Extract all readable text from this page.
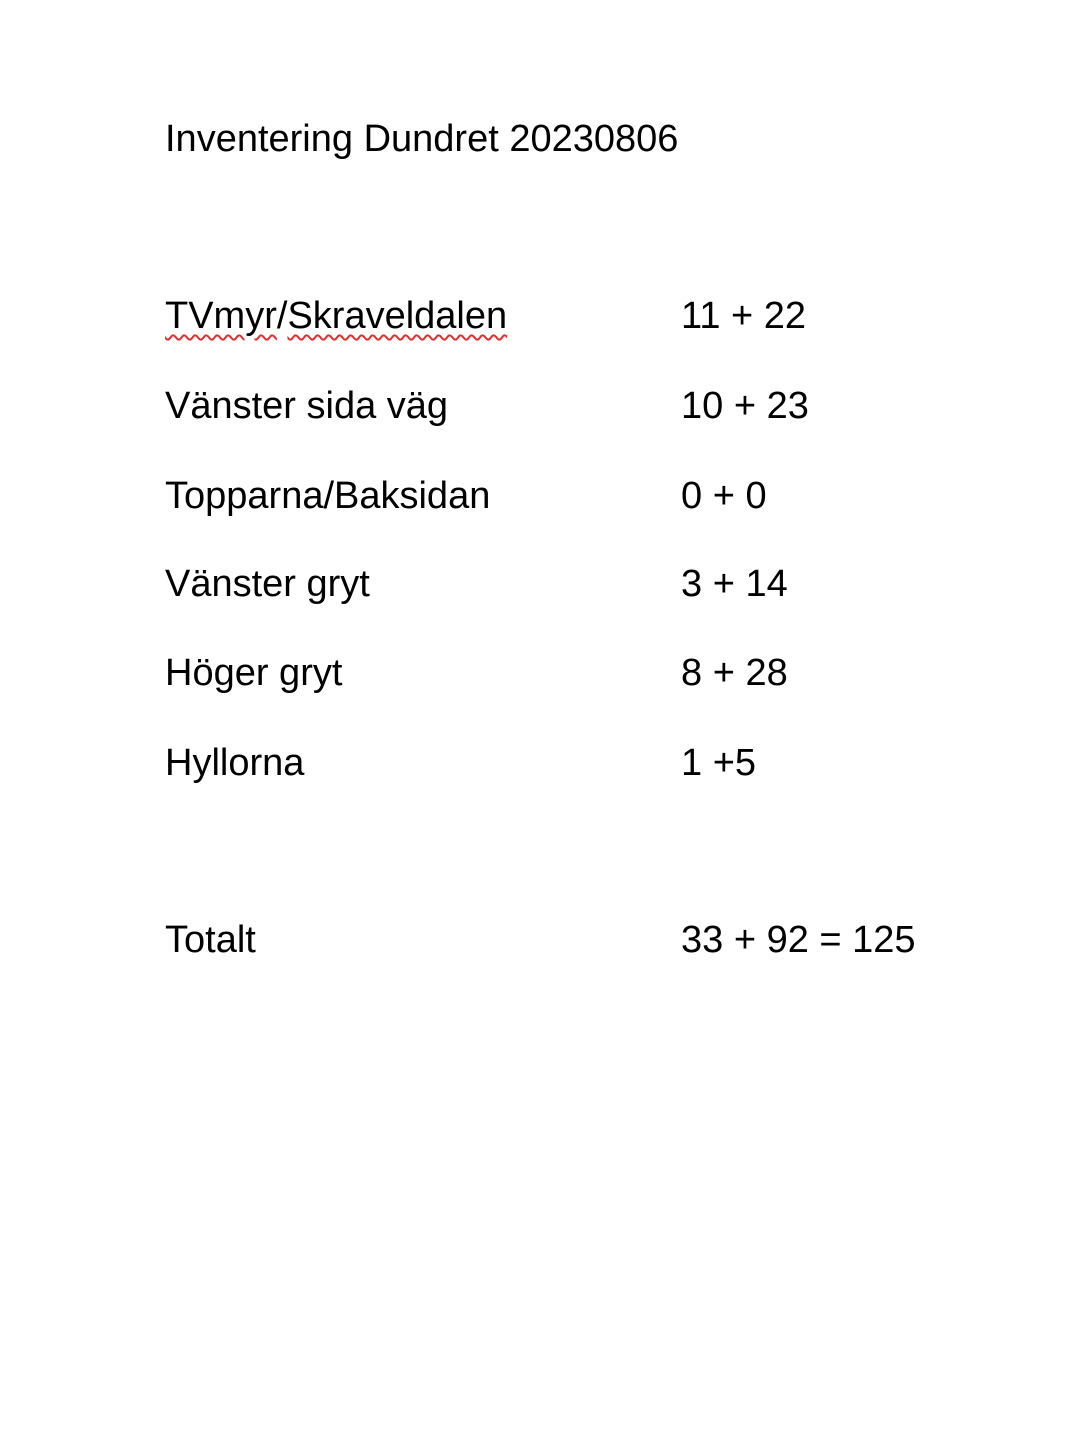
Inventering Dundret 20230806
TVmyr/Skraveldalen	11 + 22
Vänster sida väg	10 + 23
Topparna/Baksidan	0 + 0
Vänster gryt	3 + 14
Höger gryt	8 + 28
Hyllorna	1 +5
Totalt	33 + 92 = 125
